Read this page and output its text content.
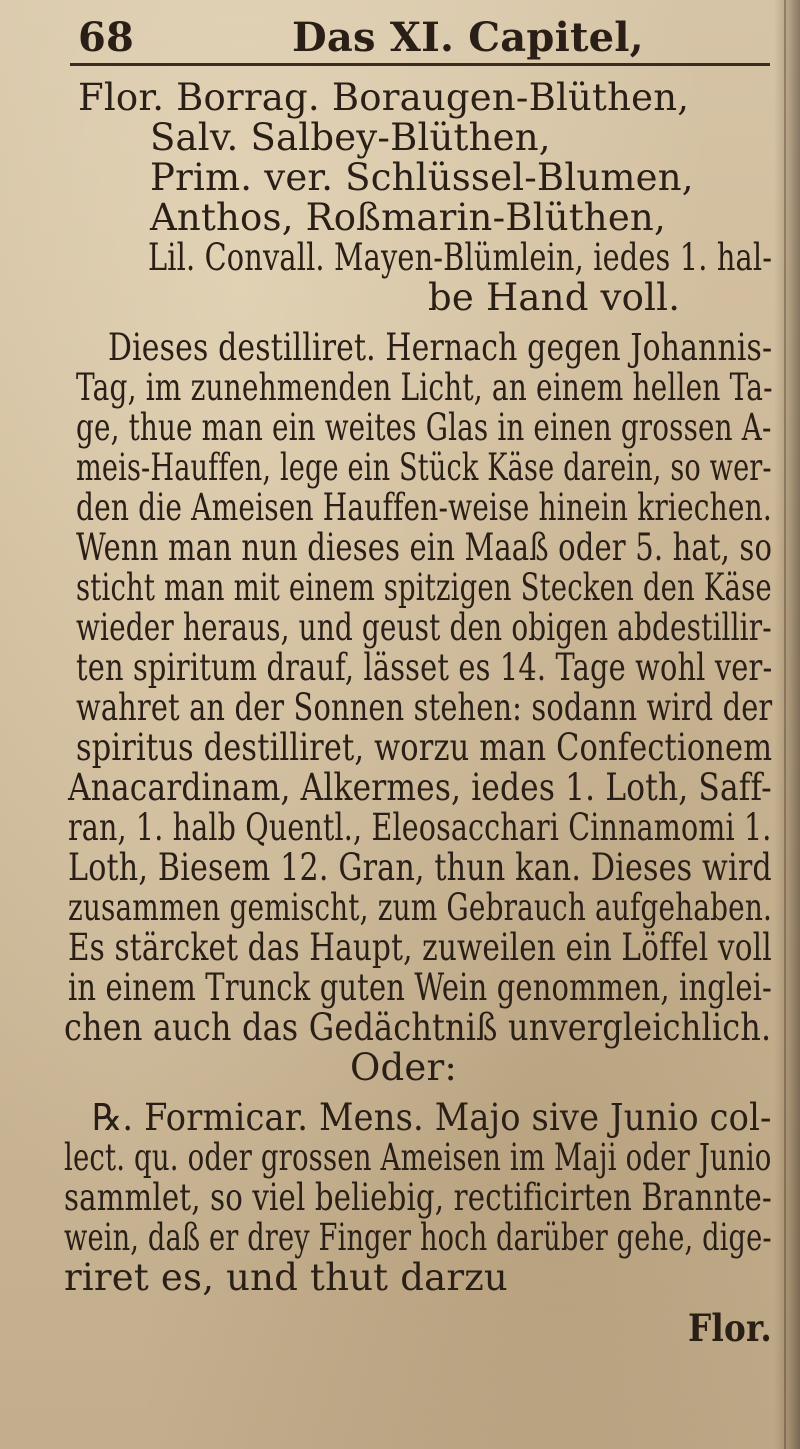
68	Das XI. Capitel,
Flor. Borrag. Boraugen-Blüthen,
Salv. Salbey-Blüthen,
Prim. ver. Schlüssel-Blumen,
Anthos, Roßmarin-Blüthen,
Lil. Convall. Mayen-Blümlein, iedes 1. hal-
be Hand voll.
Dieses destilliret. Hernach gegen Johannis-
Tag, im zunehmenden Licht, an einem hellen Ta-
ge, thue man ein weites Glas in einen grossen A-
meis-Hauffen, lege ein Stück Käse darein, so wer-
den die Ameisen Hauffen-weise hinein kriechen.
Wenn man nun dieses ein Maaß oder 5. hat, so
sticht man mit einem spitzigen Stecken den Käse
wieder heraus, und geust den obigen abdestillir-
ten spiritum drauf, lässet es 14. Tage wohl ver-
wahret an der Sonnen stehen: sodann wird der
spiritus destilliret, worzu man Confectionem
Anacardinam, Alkermes, iedes 1. Loth, Saff-
ran, 1. halb Quentl., Eleosacchari Cinnamomi 1.
Loth, Biesem 12. Gran, thun kan. Dieses wird
zusammen gemischt, zum Gebrauch aufgehaben.
Es stärcket das Haupt, zuweilen ein Löffel voll
in einem Trunck guten Wein genommen, inglei-
chen auch das Gedächtniß unvergleichlich.
Oder:
℞. Formicar. Mens. Majo sive Junio col-
lect. qu. oder grossen Ameisen im Maji oder Junio
sammlet, so viel beliebig, rectificirten Brannte-
wein, daß er drey Finger hoch darüber gehe, dige-
riret es, und thut darzu
Flor.
